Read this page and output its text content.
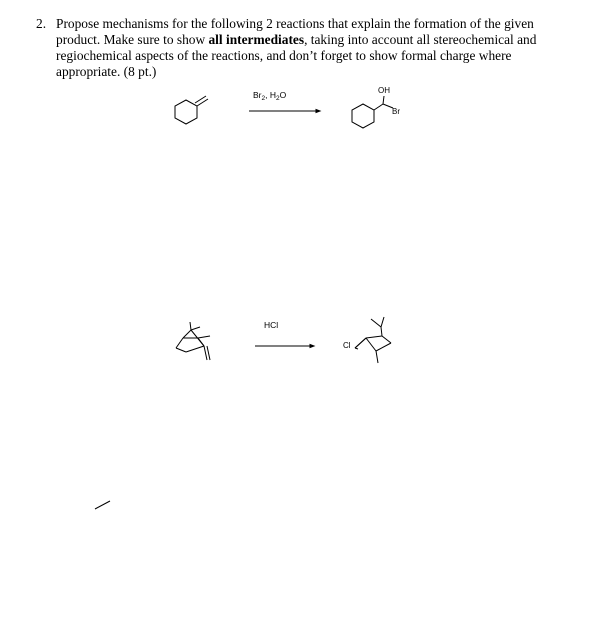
2. Propose mechanisms for the following 2 reactions that explain the formation of the given product. Make sure to show all intermediates, taking into account all stereochemical and regiochemical aspects of the reactions, and don’t forget to show formal charge where appropriate. (8 pt.)
$Br_2$, $H_2O$	OH
Br
HCl
Cl
